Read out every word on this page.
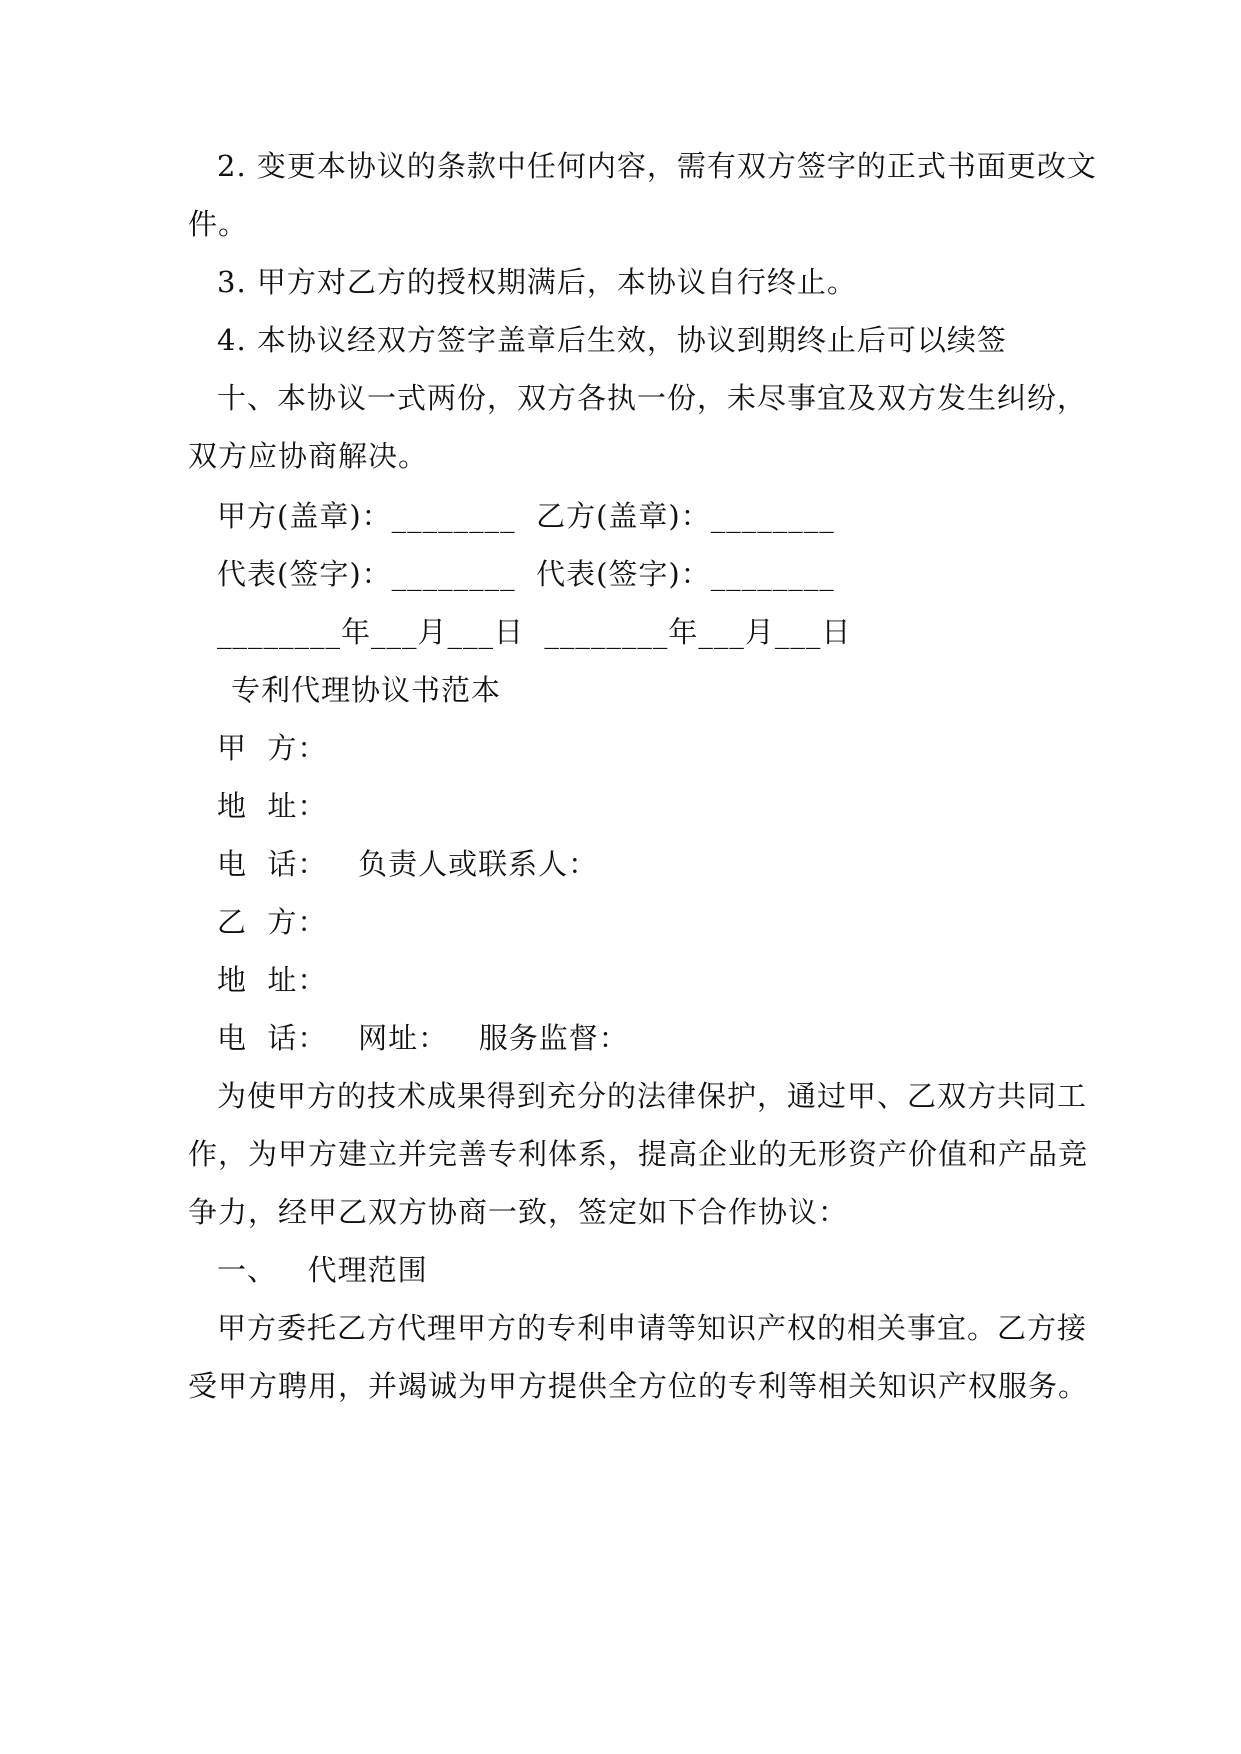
2. 变更本协议的条款中任何内容，需有双方签字的正式书面更改文
件。
3. 甲方对乙方的授权期满后，本协议自行终止。
4. 本协议经双方签字盖章后生效，协议到期终止后可以续签
十、本协议一式两份，双方各执一份，未尽事宜及双方发生纠纷，
双方应协商解决。
甲方(盖章)：________  乙方(盖章)：________
代表(签字)：________  代表(签字)：________
________年___月___日  ________年___月___日
专利代理协议书范本
甲  方：
地  址：
电  话：   负责人或联系人：
乙  方：
地  址：
电  话：   网址：   服务监督：
为使甲方的技术成果得到充分的法律保护，通过甲、乙双方共同工
作，为甲方建立并完善专利体系，提高企业的无形资产价值和产品竞
争力，经甲乙双方协商一致，签定如下合作协议：
一、   代理范围
甲方委托乙方代理甲方的专利申请等知识产权的相关事宜。乙方接
受甲方聘用，并竭诚为甲方提供全方位的专利等相关知识产权服务。
